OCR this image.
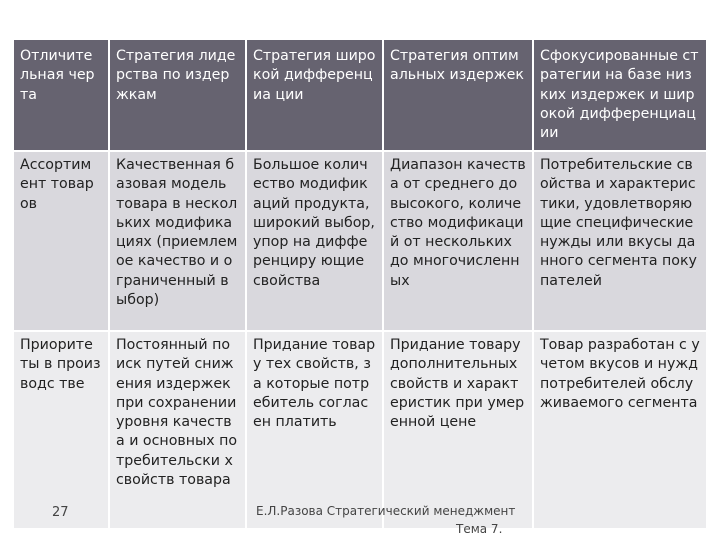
Отличите льная черта	Стратегия лидерства по издержкам	Стратегия широкой дифференциа ции	Стратегия оптимальных издержек	Сфокусированные стратегии на базе низких издержек и широкой дифференциации
Ассортим ент товаров	Качественная базовая модель товара в нескольких модификациях (приемлемое качество и ограниченный выбор)	Большое количество модификаций продукта, широкий выбор, упор на дифференциру ющие свойства	Диапазон качества от среднего до высокого, количество модификаций от нескольких до многочисленных	Потребительские свойства и характеристики, удовлетворяющие специфические нужды или вкусы данного сегмента покупателей
Приорите ты в производс тве	Постоянный поиск путей снижения издержек при сохранении уровня качества и основных потребительски х свойств товара	Придание товару тех свойств, за которые потребитель согласен платить	Придание товару дополнительных свойств и характеристик при умеренной цене	Товар разработан с учетом вкусов и нужд потребителей обслуживаемого сегмента
27	Е.Л.Разова Стратегический менеджмент
Тема 7.
